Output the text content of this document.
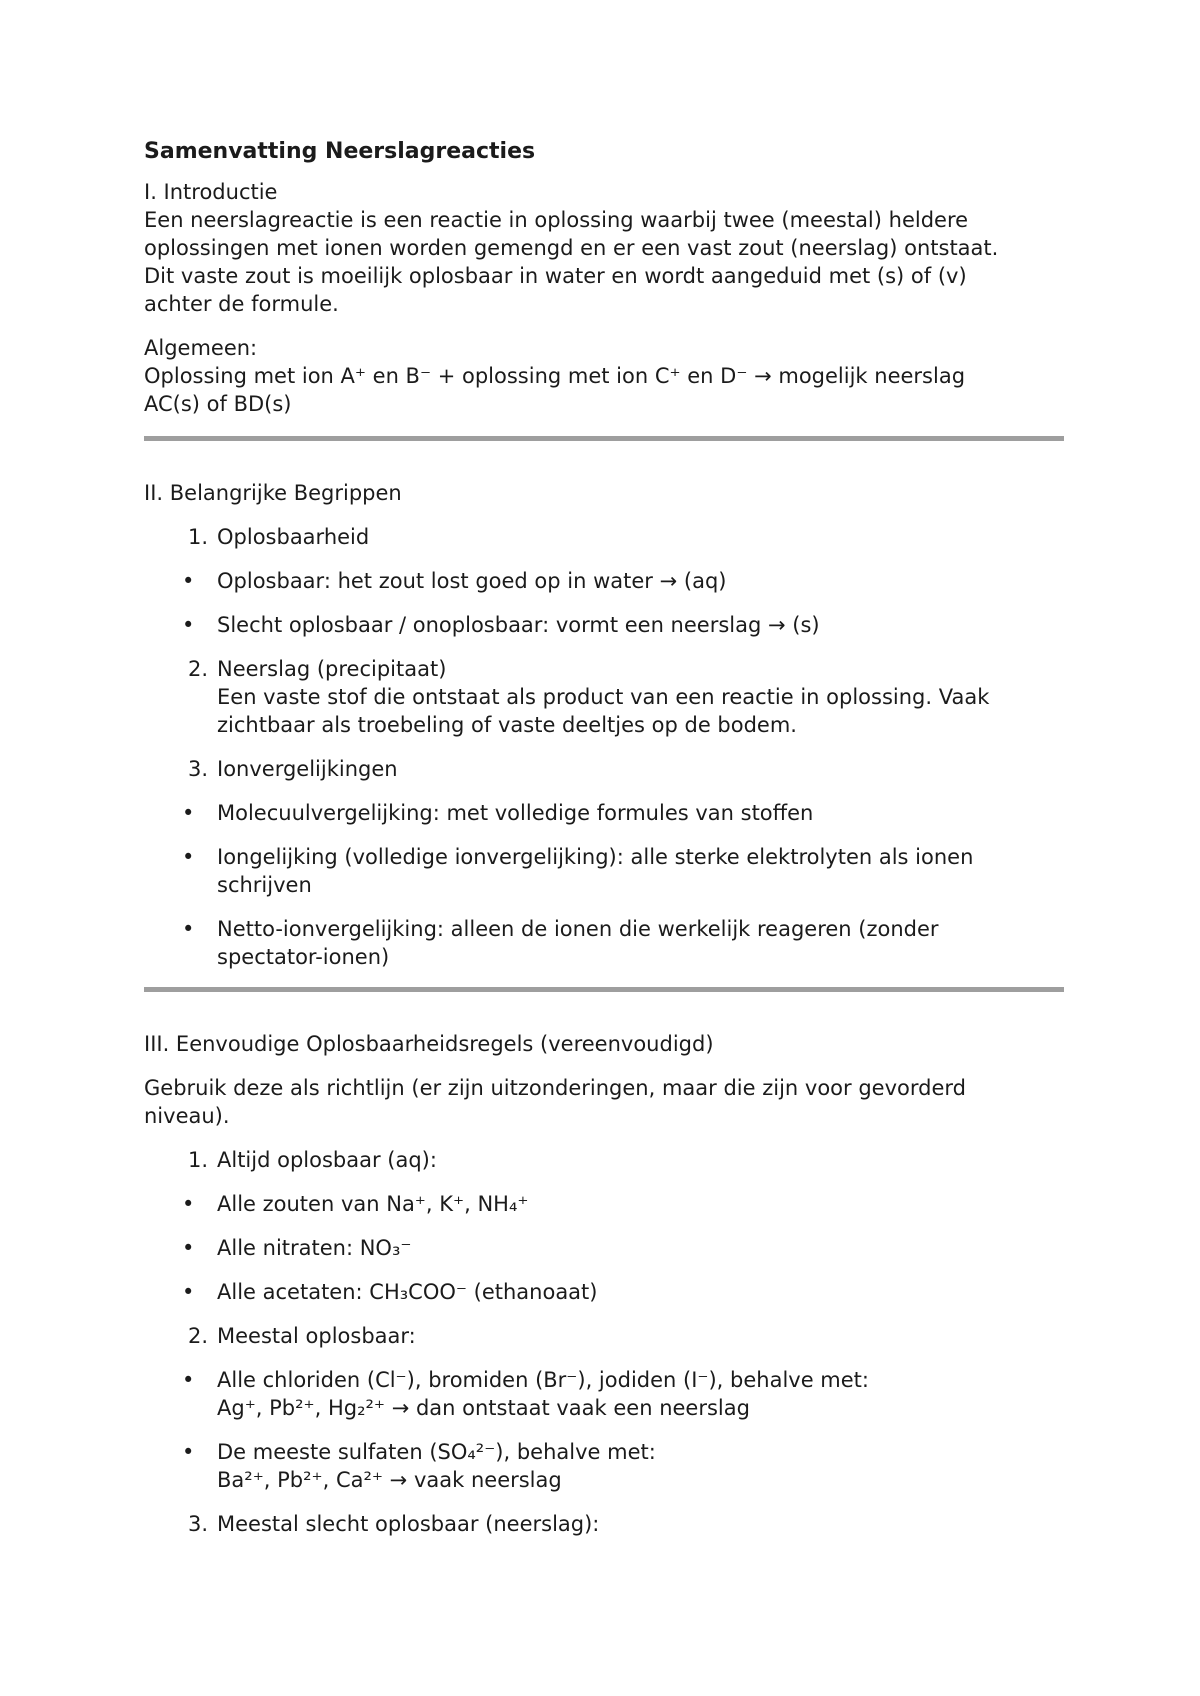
Samenvatting Neerslagreacties
I. Introductie
Een neerslagreactie is een reactie in oplossing waarbij twee (meestal) heldere
oplossingen met ionen worden gemengd en er een vast zout (neerslag) ontstaat.
Dit vaste zout is moeilijk oplosbaar in water en wordt aangeduid met (s) of (v)
achter de formule.
Algemeen:
Oplossing met ion A⁺ en B⁻ + oplossing met ion C⁺ en D⁻ → mogelijk neerslag
AC(s) of BD(s)
II. Belangrijke Begrippen
1. Oplosbaarheid
• Oplosbaar: het zout lost goed op in water → (aq)
• Slecht oplosbaar / onoplosbaar: vormt een neerslag → (s)
2. Neerslag (precipitaat)
Een vaste stof die ontstaat als product van een reactie in oplossing. Vaak
zichtbaar als troebeling of vaste deeltjes op de bodem.
3. Ionvergelijkingen
• Molecuulvergelijking: met volledige formules van stoffen
• Iongelijking (volledige ionvergelijking): alle sterke elektrolyten als ionen
schrijven
• Netto-ionvergelijking: alleen de ionen die werkelijk reageren (zonder
spectator-ionen)
III. Eenvoudige Oplosbaarheidsregels (vereenvoudigd)
Gebruik deze als richtlijn (er zijn uitzonderingen, maar die zijn voor gevorderd
niveau).
1. Altijd oplosbaar (aq):
• Alle zouten van Na⁺, K⁺, NH₄⁺
• Alle nitraten: NO₃⁻
• Alle acetaten: CH₃COO⁻ (ethanoaat)
2. Meestal oplosbaar:
• Alle chloriden (Cl⁻), bromiden (Br⁻), jodiden (I⁻), behalve met:
Ag⁺, Pb²⁺, Hg₂²⁺ → dan ontstaat vaak een neerslag
• De meeste sulfaten (SO₄²⁻), behalve met:
Ba²⁺, Pb²⁺, Ca²⁺ → vaak neerslag
3. Meestal slecht oplosbaar (neerslag):
